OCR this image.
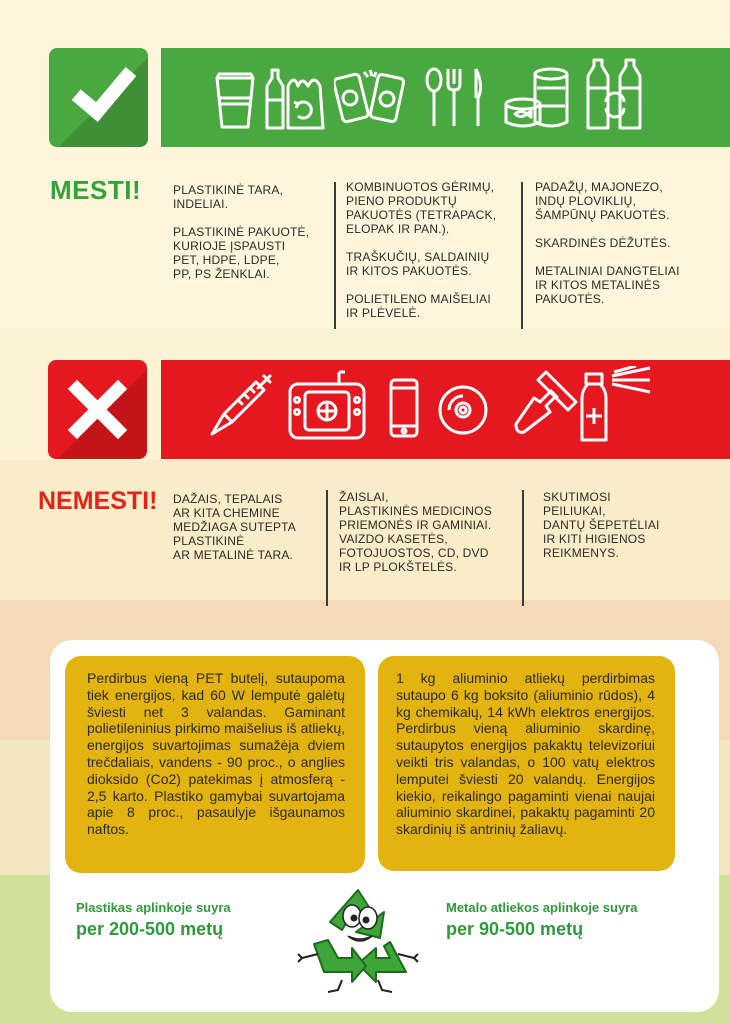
MESTI!	PLASTIKINĖ TARA,
INDELIAI.

PLASTIKINĖ PAKUOTĖ,
KURIOJE ĮSPAUSTI
PET, HDPE, LDPE,
PP, PS ŽENKLAI.

KOMBINUOTOS GĖRIMŲ,
PIENO PRODUKTŲ
PAKUOTĖS (TETRAPACK,
ELOPAK IR PAN.).

TRAŠKUČIŲ, SALDAINIŲ
IR KITOS PAKUOTĖS.

POLIETILENO MAIŠELIAI
IR PLĖVELĖ.

PADAŽŲ, MAJONEZO,
INDŲ PLOVIKLIŲ,
ŠAMPŪNŲ PAKUOTĖS.

SKARDINĖS DĖŽUTĖS.

METALINIAI DANGTELIAI
IR KITOS METALINĖS
PAKUOTĖS.

NEMESTI! DAŽAIS, TEPALAIS
AR KITA CHEMINE
MEDŽIAGA SUTEPTA
PLASTIKINĖ
AR METALINĖ TARA.

ŽAISLAI,
PLASTIKINĖS MEDICINOS
PRIEMONĖS IR GAMINIAI.
VAIZDO KASETĖS,
FOTOJUOSTOS, CD, DVD
IR LP PLOKŠTELĖS.

SKUTIMOSI
PEILIUKAI,
DANTŲ ŠEPETĖLIAI
IR KITI HIGIENOS
REIKMENYS.

Perdirbus vieną PET butelį, sutaupoma tiek energijos, kad 60 W lemputė galėtų šviesti net 3 valandas. Gaminant polietileninius pirkimo maišelius iš atliekų, energijos suvartojimas sumažėja dviem trečdaliais, vandens - 90 proc., o anglies dioksido (Co2) patekimas į atmosferą - 2,5 karto. Plastiko gamybai suvartojama apie 8 proc., pasaulyje išgaunamos naftos.
1 kg aliuminio atliekų perdirbimas sutaupo 6 kg boksito (aliuminio rūdos), 4 kg chemikalų, 14 kWh elektros energijos. Perdirbus vieną aliuminio skardinę, sutaupytos energijos pakaktų televizoriui veikti tris valandas, o 100 vatų elektros lemputei šviesti 20 valandų. Energijos kiekio, reikalingo pagaminti vienai naujai aliuminio skardinei, pakaktų pagaminti 20 skardinių iš antrinių žaliavų.
Plastikas aplinkoje suyra
per 200-500 metų
Metalo atliekos aplinkoje suyra
per 90-500 metų
